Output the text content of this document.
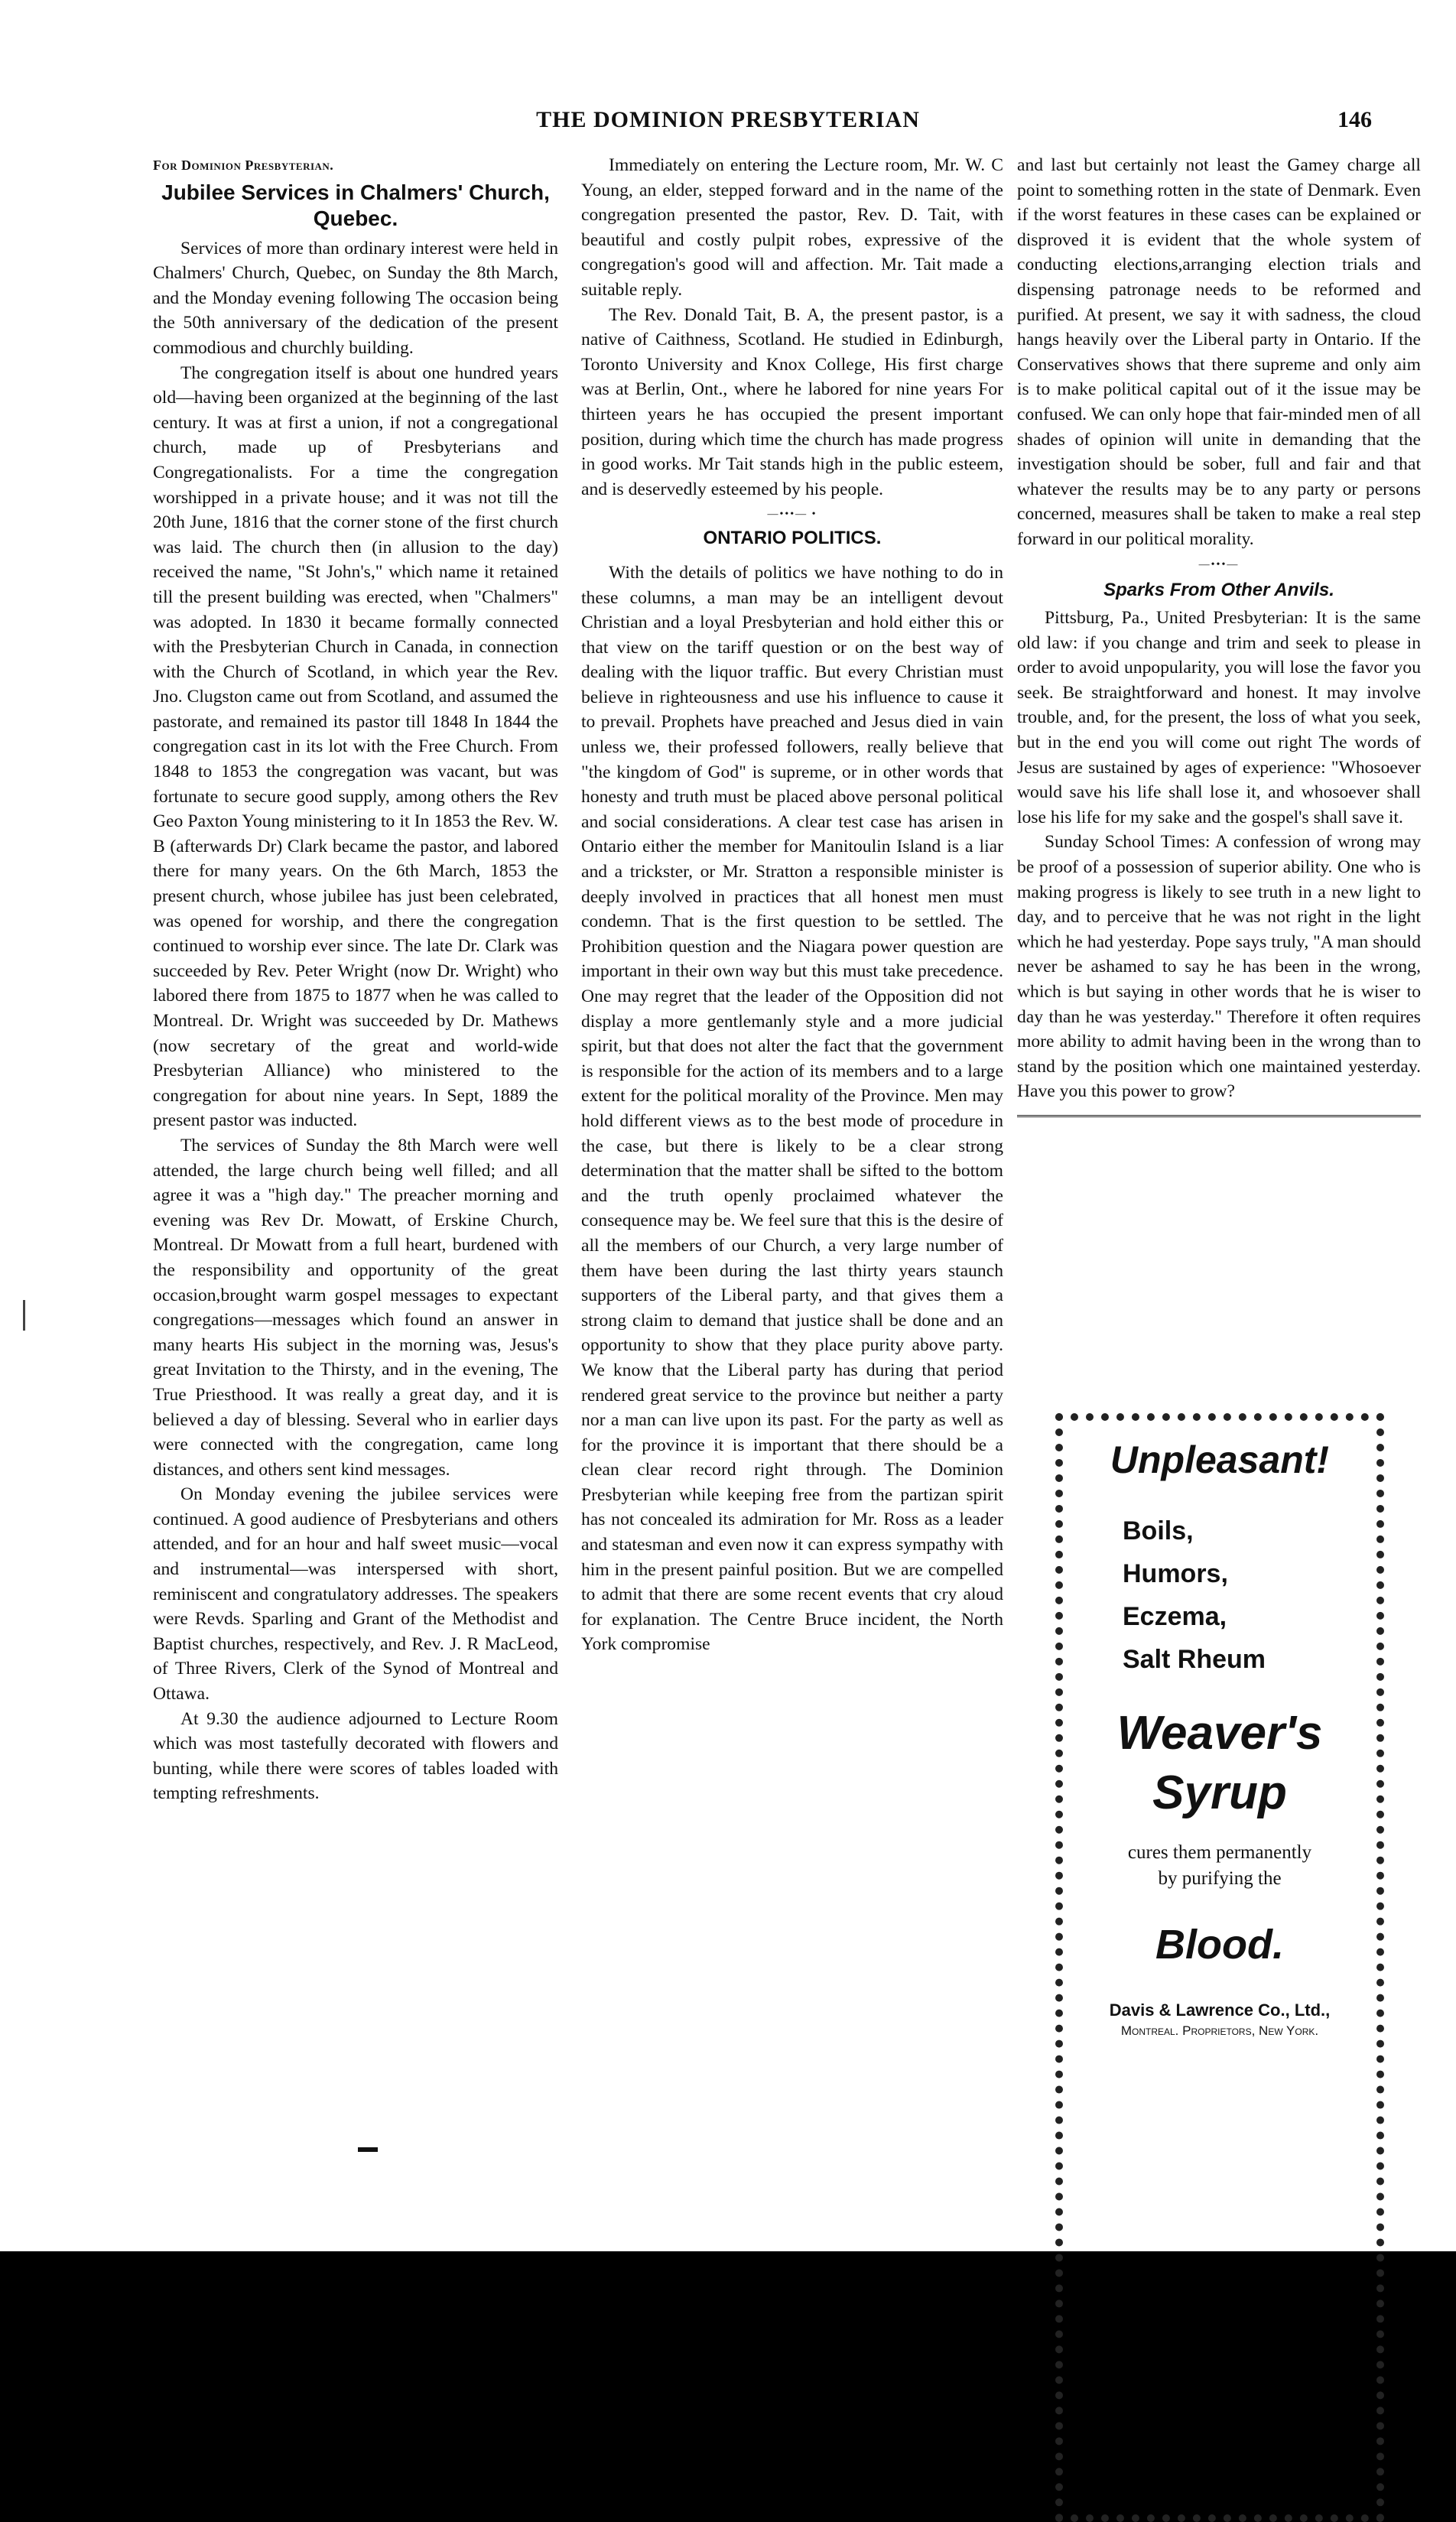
THE DOMINION PRESBYTERIAN	146
For Dominion Presbyterian.
Jubilee Services in Chalmers' Church,
Quebec.

Services of more than ordinary interest were held in Chalmers' Church, Quebec, on Sunday the 8th March, and the Monday evening following The occasion being the 50th anniversary of the dedication of the present commodious and churchly building.

The congregation itself is about one hundred years old—having been organized at the beginning of the last century. It was at first a union, if not a congregational church, made up of Presbyterians and Congregationalists. For a time the congregation worshipped in a private house; and it was not till the 20th June, 1816 that the corner stone of the first church was laid. The church then (in allusion to the day) received the name, "St John's," which name it retained till the present building was erected, when "Chalmers" was adopted. In 1830 it became formally connected with the Presbyterian Church in Canada, in connection with the Church of Scotland, in which year the Rev. Jno. Clugston came out from Scotland, and assumed the pastorate, and remained its pastor till 1848 In 1844 the congregation cast in its lot with the Free Church. From 1848 to 1853 the congregation was vacant, but was fortunate to secure good supply, among others the Rev Geo Paxton Young ministering to it In 1853 the Rev. W. B (afterwards Dr) Clark became the pastor, and labored there for many years. On the 6th March, 1853 the present church, whose jubilee has just been celebrated, was opened for worship, and there the congregation continued to worship ever since. The late Dr. Clark was succeeded by Rev. Peter Wright (now Dr. Wright) who labored there from 1875 to 1877 when he was called to Montreal. Dr. Wright was succeeded by Dr. Mathews (now secretary of the great and world-wide Presbyterian Alliance) who ministered to the congregation for about nine years. In Sept, 1889 the present pastor was inducted.

The services of Sunday the 8th March were well attended, the large church being well filled; and all agree it was a "high day." The preacher morning and evening was Rev Dr. Mowatt, of Erskine Church, Montreal. Dr Mowatt from a full heart, burdened with the responsibility and opportunity of the great occasion,brought warm gospel messages to expectant congregations—messages which found an answer in many hearts His subject in the morning was, Jesus's great Invitation to the Thirsty, and in the evening, The True Priesthood. It was really a great day, and it is believed a day of blessing. Several who in earlier days were connected with the congregation, came long distances, and others sent kind messages.

On Monday evening the jubilee services were continued. A good audience of Presbyterians and others attended, and for an hour and half sweet music—vocal and instrumental—was interspersed with short, reminiscent and congratulatory addresses. The speakers were Revds. Sparling and Grant of the Methodist and Baptist churches, respectively, and Rev. J. R MacLeod, of Three Rivers, Clerk of the Synod of Montreal and Ottawa.

At 9.30 the audience adjourned to Lecture Room which was most tastefully decorated with flowers and bunting, while there were scores of tables loaded with tempting refreshments.

Immediately on entering the Lecture room, Mr. W. C Young, an elder, stepped forward and in the name of the congregation presented the pastor, Rev. D. Tait, with beautiful and costly pulpit robes, expressive of the congregation's good will and affection. Mr. Tait made a suitable reply.

The Rev. Donald Tait, B. A, the present pastor, is a native of Caithness, Scotland. He studied in Edinburgh, Toronto University and Knox College, His first charge was at Berlin, Ont., where he labored for nine years For thirteen years he has occupied the present important position, during which time the church has made progress in good works. Mr Tait stands high in the public esteem, and is deservedly esteemed by his people.

—•••— •
ONTARIO POLITICS.

With the details of politics we have nothing to do in these columns, a man may be an intelligent devout Christian and a loyal Presbyterian and hold either this or that view on the tariff question or on the best way of dealing with the liquor traffic. But every Christian must believe in righteousness and use his influence to cause it to prevail. Prophets have preached and Jesus died in vain unless we, their professed followers, really believe that "the kingdom of God" is supreme, or in other words that honesty and truth must be placed above personal political and social considerations. A clear test case has arisen in Ontario either the member for Manitoulin Island is a liar and a trickster, or Mr. Stratton a responsible minister is deeply involved in practices that all honest men must condemn. That is the first question to be settled. The Prohibition question and the Niagara power question are important in their own way but this must take precedence. One may regret that the leader of the Opposition did not display a more gentlemanly style and a more judicial spirit, but that does not alter the fact that the government is responsible for the action of its members and to a large extent for the political morality of the Province. Men may hold different views as to the best mode of procedure in the case, but there is likely to be a clear strong determination that the matter shall be sifted to the bottom and the truth openly proclaimed whatever the consequence may be. We feel sure that this is the desire of all the members of our Church, a very large number of them have been during the last thirty years staunch supporters of the Liberal party, and that gives them a strong claim to demand that justice shall be done and an opportunity to show that they place purity above party. We know that the Liberal party has during that period rendered great service to the province but neither a party nor a man can live upon its past. For the party as well as for the province it is important that there should be a clean clear record right through. The Dominion Presbyterian while keeping free from the partizan spirit has not concealed its admiration for Mr. Ross as a leader and statesman and even now it can express sympathy with him in the present painful position. But we are compelled to admit that there are some recent events that cry aloud for explanation. The Centre Bruce incident, the North York compromise

and last but certainly not least the Gamey charge all point to something rotten in the state of Denmark. Even if the worst features in these cases can be explained or disproved it is evident that the whole system of conducting elections,arranging election trials and dispensing patronage needs to be reformed and purified. At present, we say it with sadness, the cloud hangs heavily over the Liberal party in Ontario. If the Conservatives shows that there supreme and only aim is to make political capital out of it the issue may be confused. We can only hope that fair-minded men of all shades of opinion will unite in demanding that the investigation should be sober, full and fair and that whatever the results may be to any party or persons concerned, measures shall be taken to make a real step forward in our political morality.

—•••—
Sparks From Other Anvils.

Pittsburg, Pa., United Presbyterian: It is the same old law: if you change and trim and seek to please in order to avoid unpopularity, you will lose the favor you seek. Be straightforward and honest. It may involve trouble, and, for the present, the loss of what you seek, but in the end you will come out right The words of Jesus are sustained by ages of experience: "Whosoever would save his life shall lose it, and whosoever shall lose his life for my sake and the gospel's shall save it.

Sunday School Times: A confession of wrong may be proof of a possession of superior ability. One who is making progress is likely to see truth in a new light to day, and to perceive that he was not right in the light which he had yesterday. Pope says truly, "A man should never be ashamed to say he has been in the wrong, which is but saying in other words that he is wiser to day than he was yesterday." Therefore it often requires more ability to admit having been in the wrong than to stand by the position which one maintained yesterday. Have you this power to grow?

Unpleasant!
Boils,
Humors,
Eczema,
Salt Rheum
Weaver's
Syrup
cures them permanently
by purifying the
Blood.
Davis & Lawrence Co., Ltd.,
Montreal. Proprietors, New York.
